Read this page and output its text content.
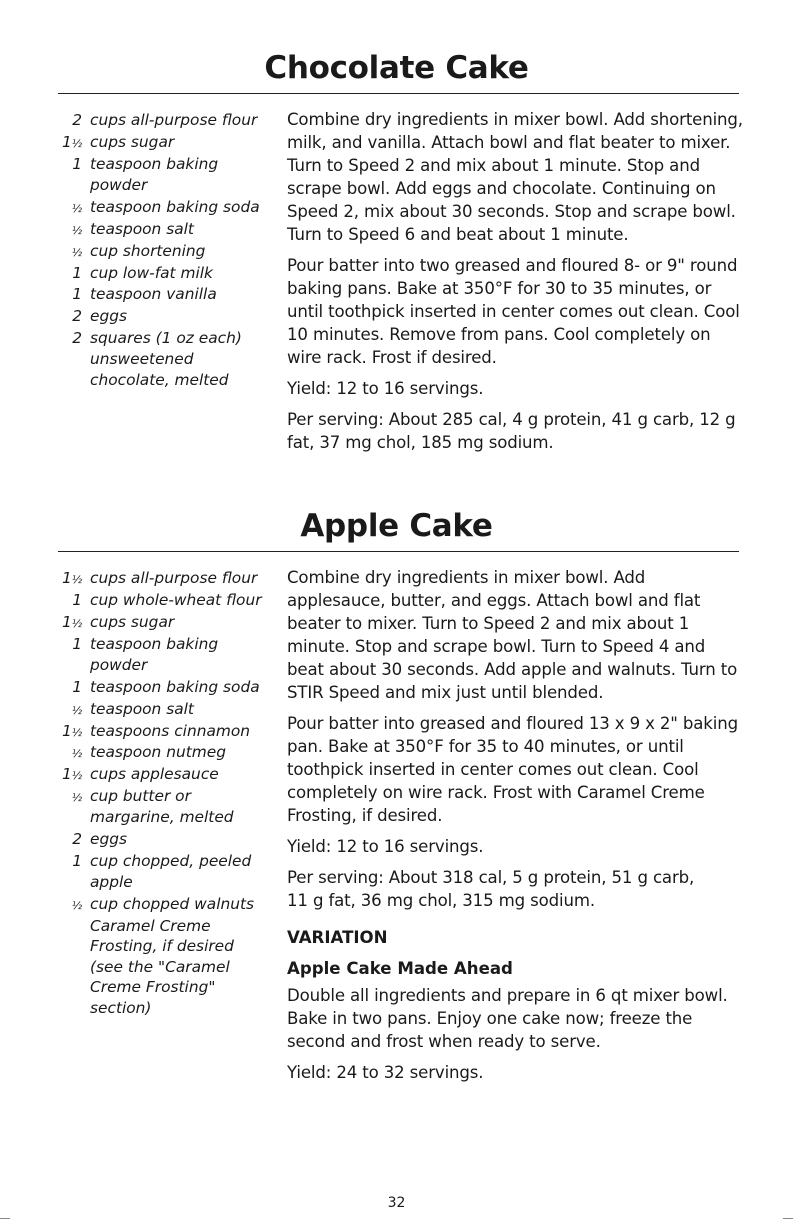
Chocolate Cake
2 cups all-purpose flour
1½ cups sugar
1 teaspoon baking powder
½ teaspoon baking soda
½ teaspoon salt
½ cup shortening
1 cup low-fat milk
1 teaspoon vanilla
2 eggs
2 squares (1 oz each) unsweetened chocolate, melted

Combine dry ingredients in mixer bowl. Add shortening, milk, and vanilla. Attach bowl and flat beater to mixer. Turn to Speed 2 and mix about 1 minute. Stop and scrape bowl. Add eggs and chocolate. Continuing on Speed 2, mix about 30 seconds. Stop and scrape bowl. Turn to Speed 6 and beat about 1 minute.

Pour batter into two greased and floured 8- or 9" round baking pans. Bake at 350°F for 30 to 35 minutes, or until toothpick inserted in center comes out clean. Cool 10 minutes. Remove from pans. Cool completely on wire rack. Frost if desired.

Yield: 12 to 16 servings.

Per serving: About 285 cal, 4 g protein, 41 g carb, 12 g fat, 37 mg chol, 185 mg sodium.

Apple Cake
1½ cups all-purpose flour
1 cup whole-wheat flour
1½ cups sugar
1 teaspoon baking powder
1 teaspoon baking soda
½ teaspoon salt
1½ teaspoons cinnamon
½ teaspoon nutmeg
1½ cups applesauce
½ cup butter or margarine, melted
2 eggs
1 cup chopped, peeled apple
½ cup chopped walnuts
Caramel Creme Frosting, if desired (see the "Caramel Creme Frosting" section)

Combine dry ingredients in mixer bowl. Add applesauce, butter, and eggs. Attach bowl and flat beater to mixer. Turn to Speed 2 and mix about 1 minute. Stop and scrape bowl. Turn to Speed 4 and beat about 30 seconds. Add apple and walnuts. Turn to STIR Speed and mix just until blended.

Pour batter into greased and floured 13 x 9 x 2" baking pan. Bake at 350°F for 35 to 40 minutes, or until toothpick inserted in center comes out clean. Cool completely on wire rack. Frost with Caramel Creme Frosting, if desired.

Yield: 12 to 16 servings.

Per serving: About 318 cal, 5 g protein, 51 g carb,

11 g fat, 36 mg chol, 315 mg sodium.

VARIATION
Apple Cake Made Ahead

Double all ingredients and prepare in 6 qt mixer bowl. Bake in two pans. Enjoy one cake now; freeze the second and frost when ready to serve.

Yield: 24 to 32 servings.

32
